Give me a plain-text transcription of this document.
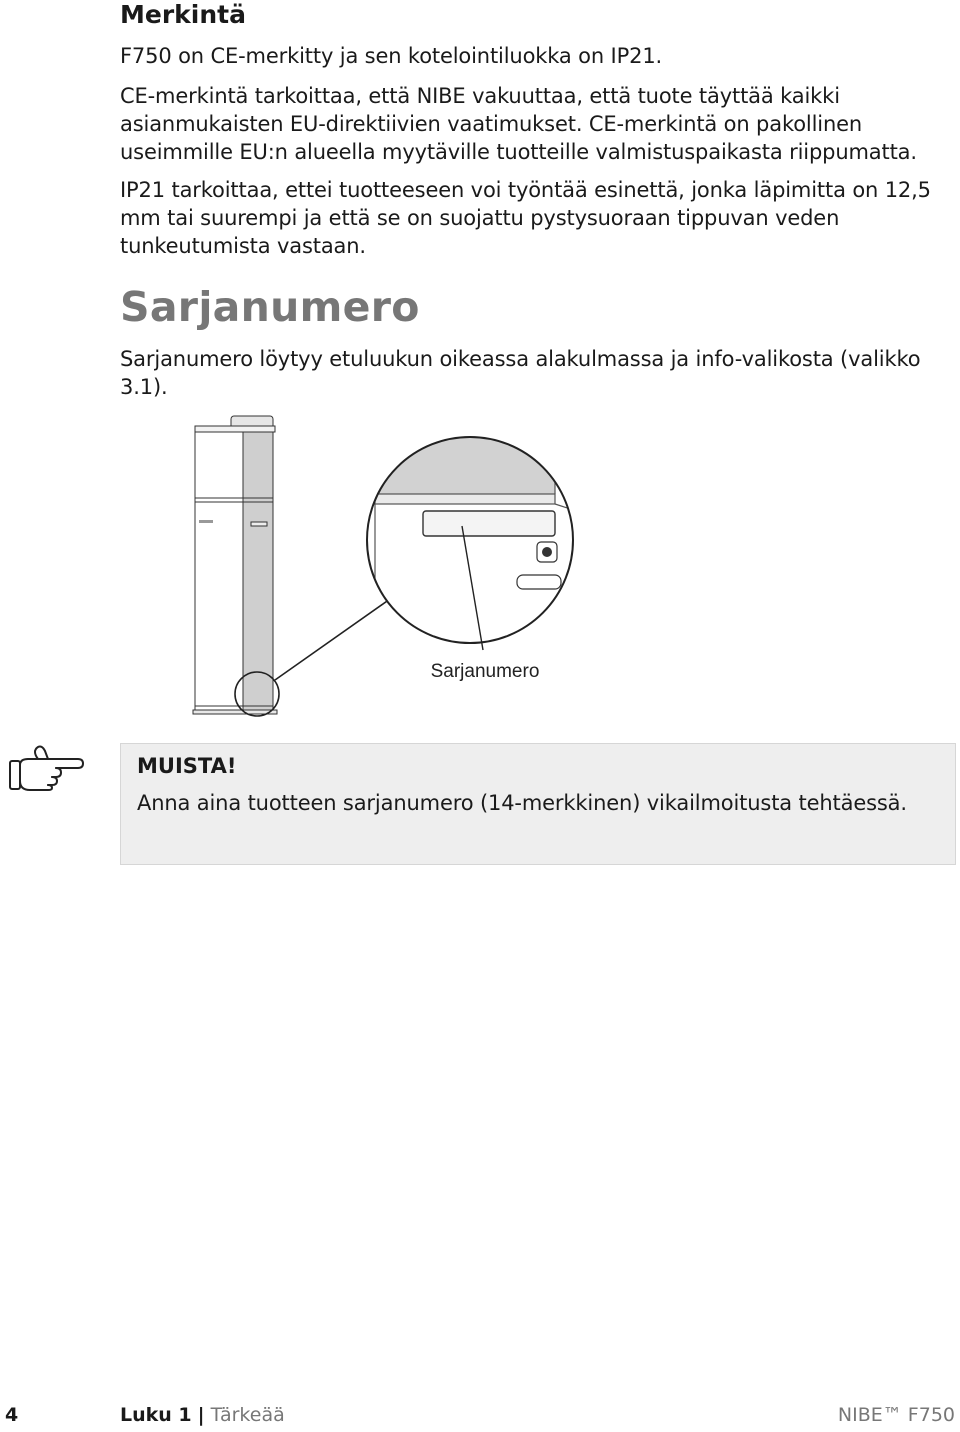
Merkintä

F750 on CE-merkitty ja sen kotelointiluokka on IP21.

CE-merkintä tarkoittaa, että NIBE vakuuttaa, että tuote täyttää kaikki asianmukaisten EU-direktiivien vaatimukset. CE-merkintä on pakollinen useimmille EU:n alueella myytäville tuotteille valmistuspaikasta riippumatta.

IP21 tarkoittaa, ettei tuotteeseen voi työntää esinettä, jonka läpimitta on 12,5 mm tai suurempi ja että se on suojattu pystysuoraan tippuvan veden tunkeutumista vastaan.

Sarjanumero

Sarjanumero löytyy etuluukun oikeassa alakulmassa ja info-valikosta (valikko 3.1).

Sarjanumero
MUISTA!
Anna aina tuotteen sarjanumero (14-merkkinen) vikailmoitusta tehtäessä.
4	Luku 1 | Tärkeää	NIBE™ F750
